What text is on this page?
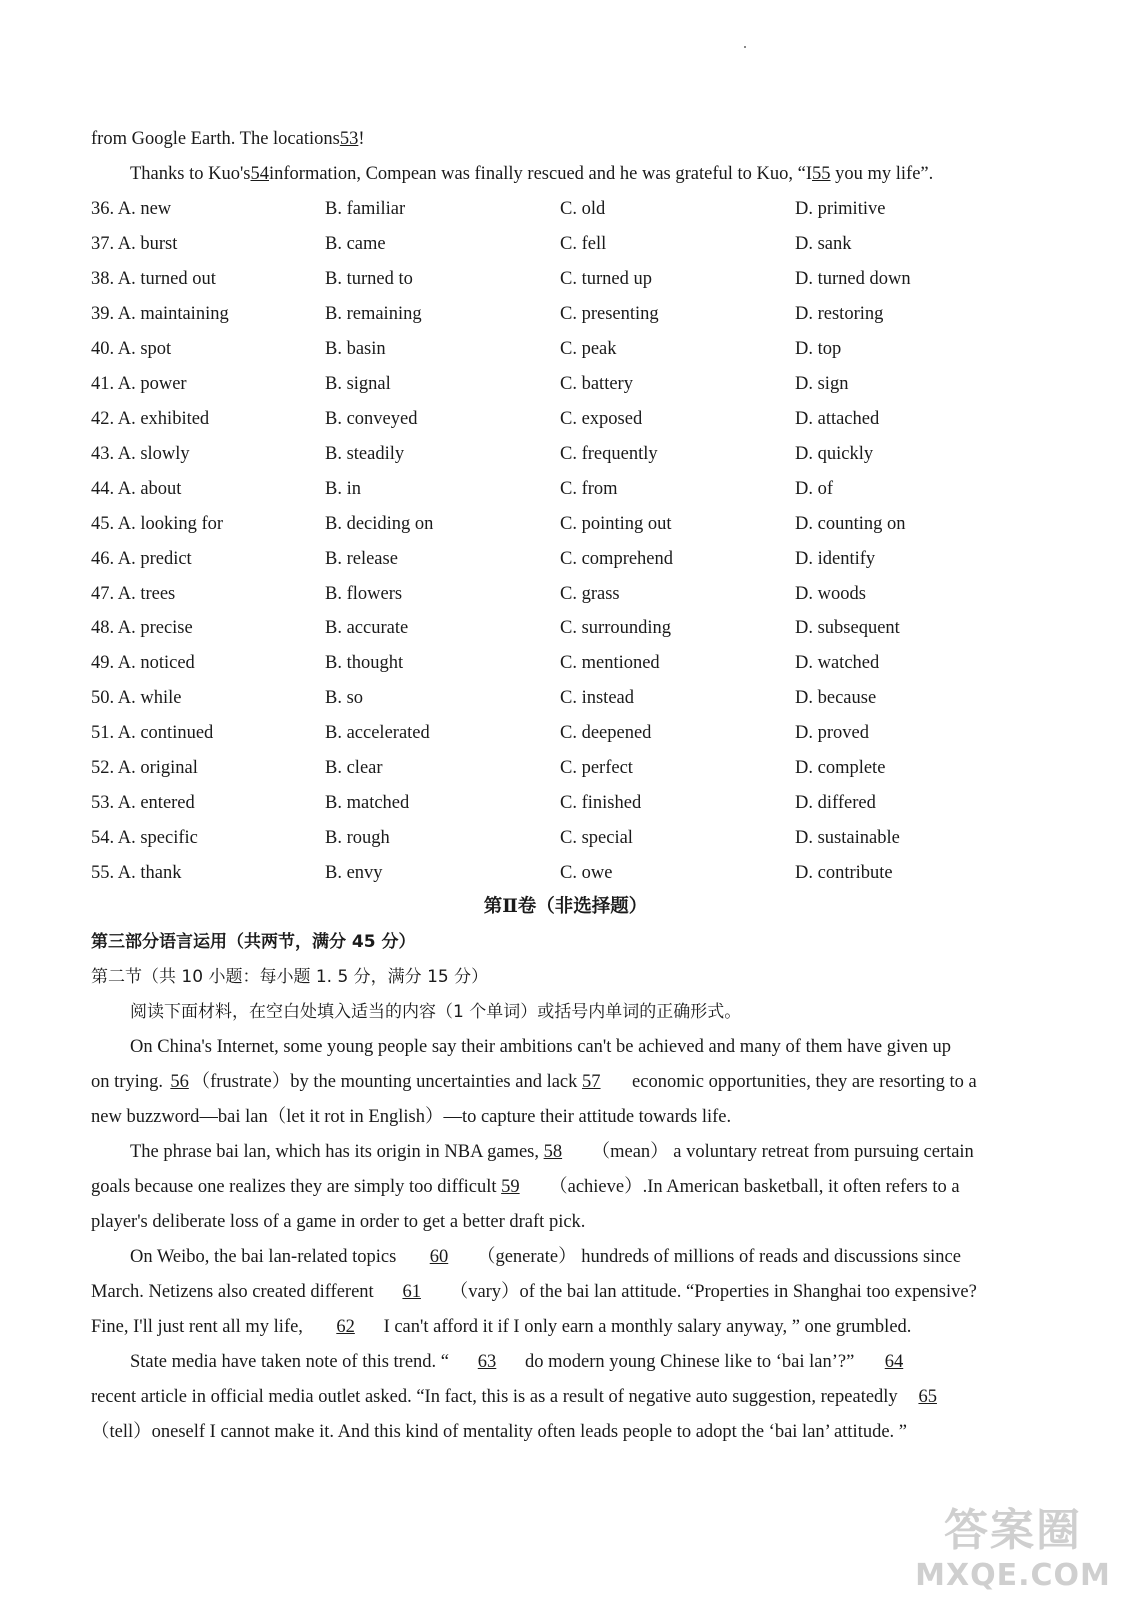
from Google Earth. The locations53!
Thanks to Kuo's54information, Compean was finally rescued and he was grateful to Kuo, “I55 you my life”.
36. A. new	B. familiar	C. old	D. primitive
37. A. burst	B. came	C. fell	D. sank
38. A. turned out	B. turned to	C. turned up	D. turned down
39. A. maintaining	B. remaining	C. presenting	D. restoring
40. A. spot	B. basin	C. peak	D. top
41. A. power	B. signal	C. battery	D. sign
42. A. exhibited	B. conveyed	C. exposed	D. attached
43. A. slowly	B. steadily	C. frequently	D. quickly
44. A. about	B. in	C. from	D. of
45. A. looking for	B. deciding on	C. pointing out	D. counting on
46. A. predict	B. release	C. comprehend	D. identify
47. A. trees	B. flowers	C. grass	D. woods
48. A. precise	B. accurate	C. surrounding	D. subsequent
49. A. noticed	B. thought	C. mentioned	D. watched
50. A. while	B. so	C. instead	D. because
51. A. continued	B. accelerated	C. deepened	D. proved
52. A. original	B. clear	C. perfect	D. complete
53. A. entered	B. matched	C. finished	D. differed
54. A. specific	B. rough	C. special	D. sustainable
55. A. thank	B. envy	C. owe	D. contribute
第Ⅱ卷（非选择题）
第三部分语言运用（共两节，满分 45 分）
第二节（共 10 小题：每小题 1. 5 分，满分 15 分）
阅读下面材料，在空白处填入适当的内容（1 个单词）或括号内单词的正确形式。
On China's Internet, some young people say their ambitions can't be achieved and many of them have given up
on trying. 56 （frustrate）by the mounting uncertainties and lack 57 economic opportunities, they are resorting to a
new buzzword—bai lan（let it rot in English）—to capture their attitude towards life.
The phrase bai lan, which has its origin in NBA games, 58 （mean） a voluntary retreat from pursuing certain
goals because one realizes they are simply too difficult 59 （achieve）.In American basketball, it often refers to a
player's deliberate loss of a game in order to get a better draft pick.
On Weibo, the bai lan-related topics 60 （generate） hundreds of millions of reads and discussions since
March. Netizens also created different 61 （vary）of the bai lan attitude. “Properties in Shanghai too expensive?
Fine, I'll just rent all my life, 62 I can't afford it if I only earn a monthly salary anyway, ” one grumbled.
State media have taken note of this trend. “ 63 do modern young Chinese like to ‘bai lan’?” 64
recent article in official media outlet asked. “In fact, this is as a result of negative auto suggestion, repeatedly 65
（tell）oneself I cannot make it. And this kind of mentality often leads people to adopt the ‘bai lan’ attitude. ”
答案圈
MXQE.COM
